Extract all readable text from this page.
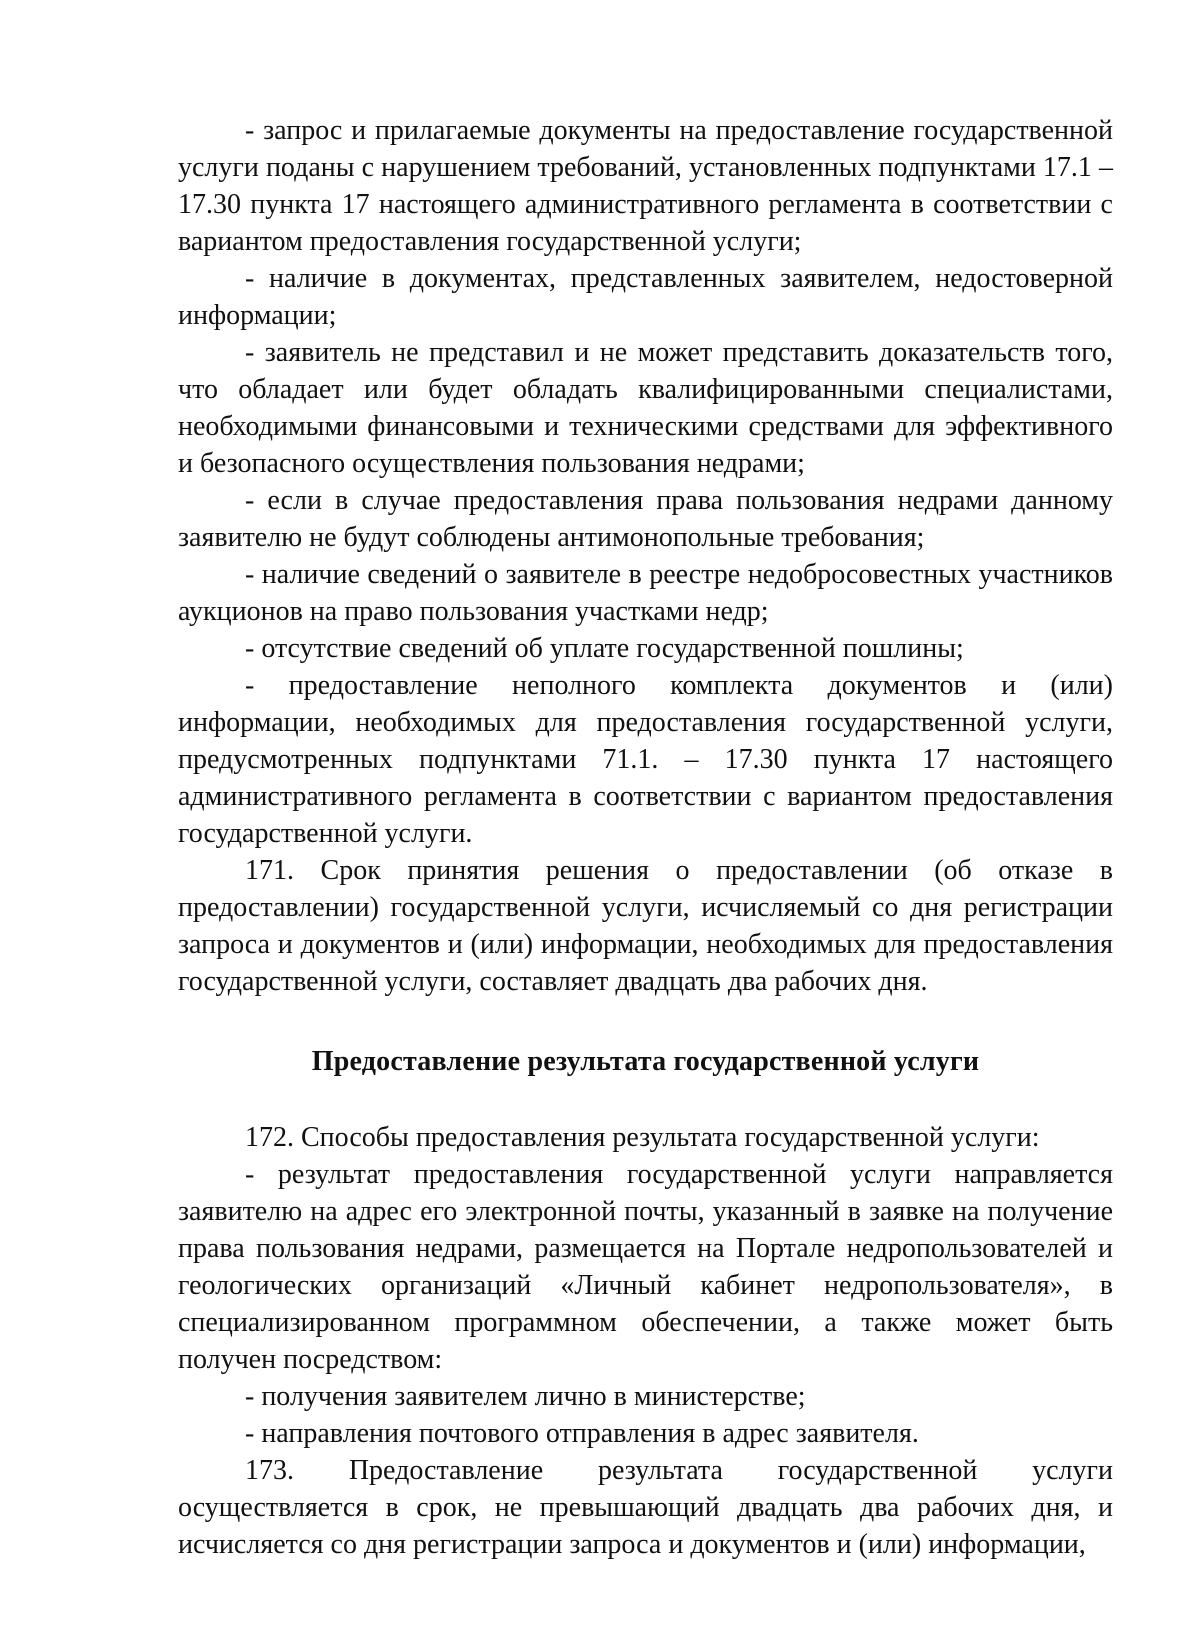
- запрос и прилагаемые документы на предоставление государственной услуги поданы с нарушением требований, установленных подпунктами 17.1 – 17.30 пункта 17 настоящего административного регламента в соответствии с вариантом предоставления государственной услуги;

- наличие в документах, представленных заявителем, недостоверной информации;

- заявитель не представил и не может представить доказательств того, что обладает или будет обладать квалифицированными специалистами, необходимыми финансовыми и техническими средствами для эффективного и безопасного осуществления пользования недрами;

- если в случае предоставления права пользования недрами данному заявителю не будут соблюдены антимонопольные требования;

- наличие сведений о заявителе в реестре недобросовестных участников аукционов на право пользования участками недр;

- отсутствие сведений об уплате государственной пошлины;

- предоставление неполного комплекта документов и (или) информации, необходимых для предоставления государственной услуги, предусмотренных подпунктами 71.1. – 17.30 пункта 17 настоящего административного регламента в соответствии с вариантом предоставления государственной услуги.

171. Срок принятия решения о предоставлении (об отказе в предоставлении) государственной услуги, исчисляемый со дня регистрации запроса и документов и (или) информации, необходимых для предоставления государственной услуги, составляет двадцать два рабочих дня.

Предоставление результата государственной услуги

172. Способы предоставления результата государственной услуги:

- результат предоставления государственной услуги направляется заявителю на адрес его электронной почты, указанный в заявке на получение права пользования недрами, размещается на Портале недропользователей и геологических организаций «Личный кабинет недропользователя», в специализированном программном обеспечении, а также может быть получен посредством:

- получения заявителем лично в министерстве;

- направления почтового отправления в адрес заявителя.

173. Предоставление результата государственной услуги осуществляется в срок, не превышающий двадцать два рабочих дня, и исчисляется со дня регистрации запроса и документов и (или) информации,
